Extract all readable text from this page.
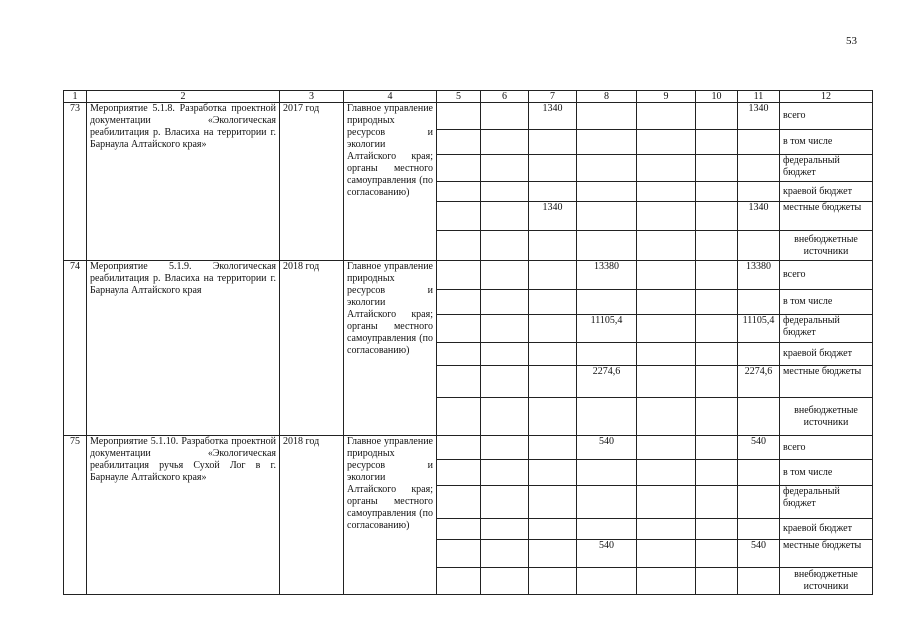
53
1	2	3	4	5	6	7	8	9	10	11	12
73	Мероприятие 5.1.8. Разработка проектной документации «Экологическая реабилитация р. Власиха на территории г. Барнаула Алтайского края»	2017 год	Главное управление природных ресурсов и экологии Алтайского края; органы местного самоуправления (по согласованию)			1340				1340	всего
											в том числе
											федеральный бюджет
											краевой бюджет
						1340				1340	местные бюджеты
											внебюджетные источники
74	Мероприятие 5.1.9. Экологическая реабилитация р. Власиха на территории г. Барнаула Алтайского края	2018 год	Главное управление природных ресурсов и экологии Алтайского края; органы местного самоуправления (по согласованию)				13380			13380	всего
											в том числе
							11105,4			11105,4	федеральный бюджет
											краевой бюджет
							2274,6			2274,6	местные бюджеты
											внебюджетные источники
75	Мероприятие 5.1.10. Разработка проектной документации «Экологическая реабилитация ручья Сухой Лог в г. Барнауле Алтайского края»	2018 год	Главное управление природных ресурсов и экологии Алтайского края; органы местного самоуправления (по согласованию)				540			540	всего
											в том числе
											федеральный бюджет
											краевой бюджет
							540			540	местные бюджеты
											внебюджетные источники
